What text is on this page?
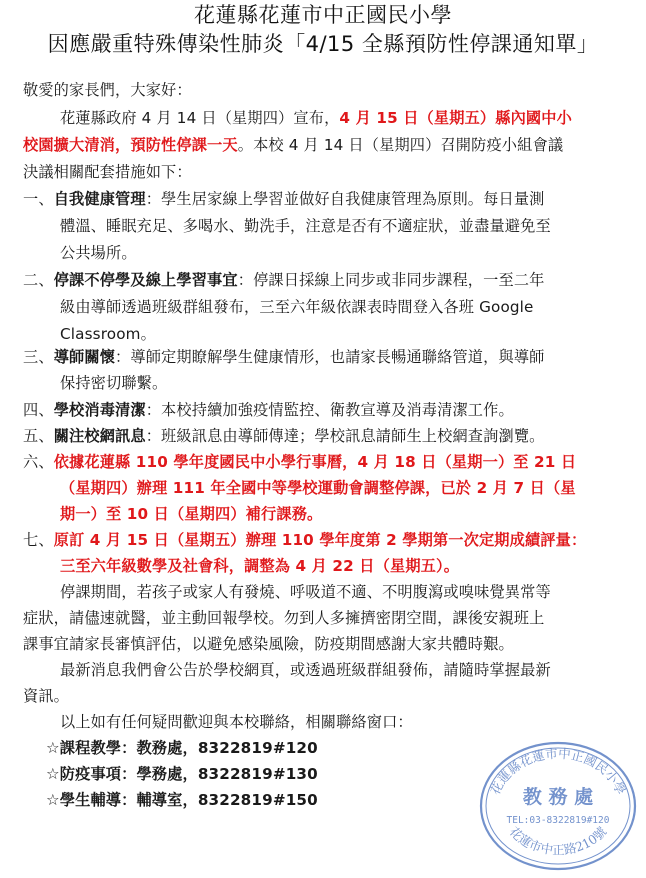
花蓮縣花蓮市中正國民小學
因應嚴重特殊傳染性肺炎「4/15 全縣預防性停課通知單」
敬愛的家長們，大家好：
花蓮縣政府 4 月 14 日（星期四）宣布，4 月 15 日（星期五）縣內國中小
校園擴大清消，預防性停課一天。本校 4 月 14 日（星期四）召開防疫小組會議
決議相關配套措施如下：
一、自我健康管理：學生居家線上學習並做好自我健康管理為原則。每日量測
體溫、睡眠充足、多喝水、勤洗手，注意是否有不適症狀，並盡量避免至
公共場所。
二、停課不停學及線上學習事宜：停課日採線上同步或非同步課程，一至二年
級由導師透過班級群組發布，三至六年級依課表時間登入各班 Google
Classroom。
三、導師關懷：導師定期瞭解學生健康情形，也請家長暢通聯絡管道，與導師
保持密切聯繫。
四、學校消毒清潔：本校持續加強疫情監控、衛教宣導及消毒清潔工作。
五、關注校網訊息：班級訊息由導師傳達；學校訊息請師生上校網查詢瀏覽。
六、依據花蓮縣 110 學年度國民中小學行事曆，4 月 18 日（星期一）至 21 日
（星期四）辦理 111 年全國中等學校運動會調整停課，已於 2 月 7 日（星
期一）至 10 日（星期四）補行課務。
七、原訂 4 月 15 日（星期五）辦理 110 學年度第 2 學期第一次定期成績評量：
三至六年級數學及社會科，調整為 4 月 22 日（星期五）。
停課期間，若孩子或家人有發燒、呼吸道不適、不明腹瀉或嗅味覺異常等
症狀，請儘速就醫，並主動回報學校。勿到人多擁擠密閉空間，課後安親班上
課事宜請家長審慎評估，以避免感染風險，防疫期間感謝大家共體時艱。
最新消息我們會公告於學校網頁，或透過班級群組發佈，請隨時掌握最新
資訊。
以上如有任何疑問歡迎與本校聯絡，相關聯絡窗口：
☆課程教學：教務處，8322819#120
☆防疫事項：學務處，8322819#130
☆學生輔導：輔導室，8322819#150
花蓮縣花蓮市中正國民小學
教 務 處
TEL:03-8322819#120
花蓮市中正路210號
